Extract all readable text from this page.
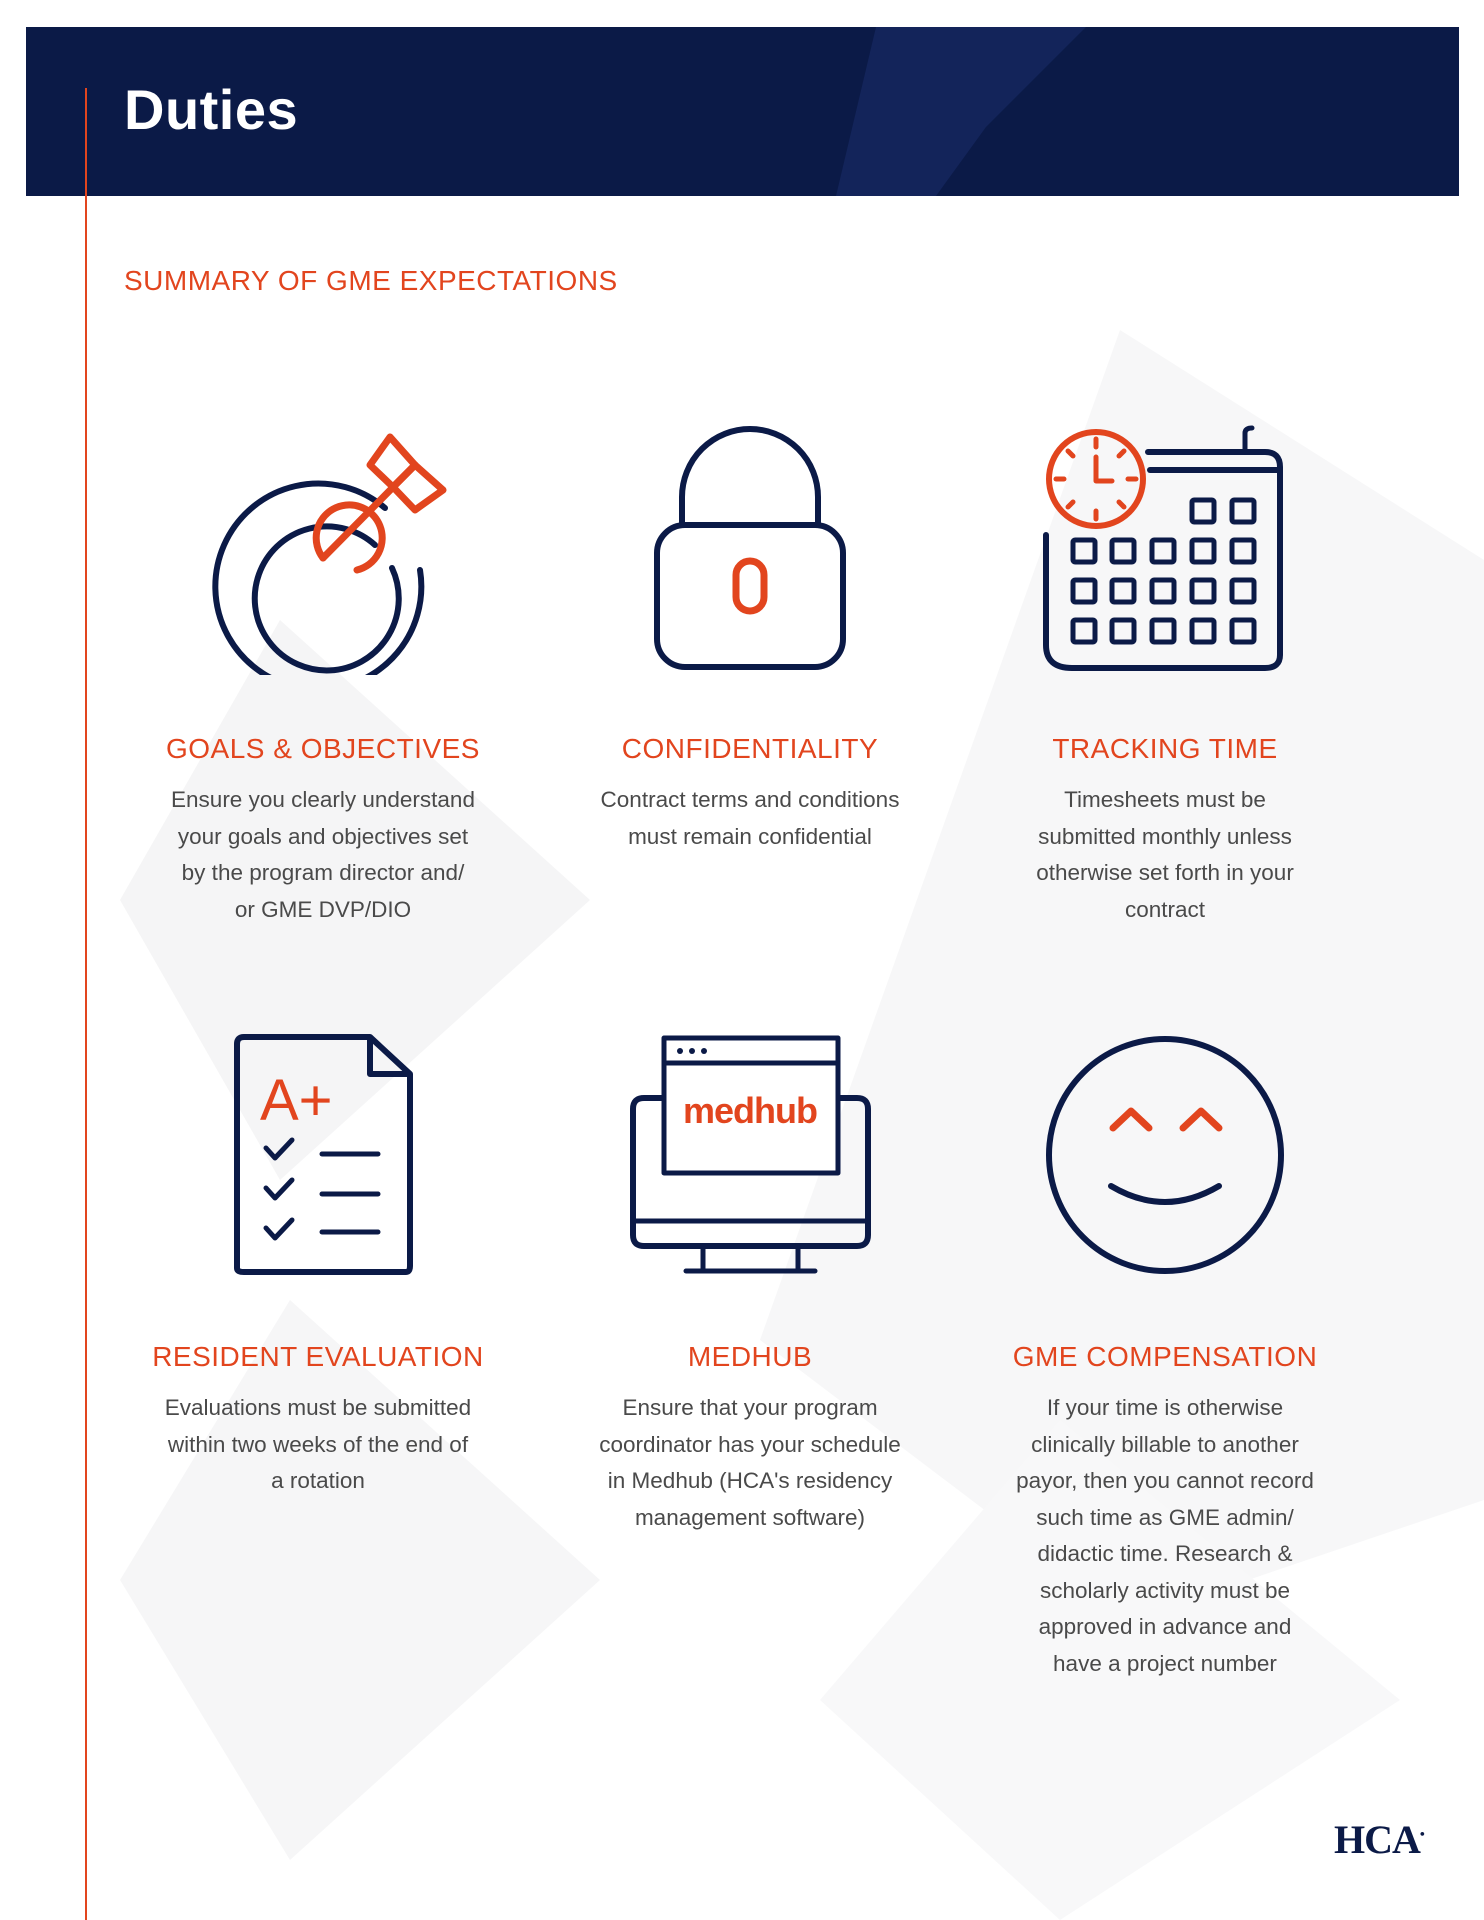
Duties
SUMMARY OF GME EXPECTATIONS
GOALS & OBJECTIVES
Ensure you clearly understand
your goals and objectives set
by the program director and/
or GME DVP/DIO
CONFIDENTIALITY
Contract terms and conditions
must remain confidential
TRACKING TIME
Timesheets must be
submitted monthly unless
otherwise set forth in your
contract
A+
RESIDENT EVALUATION
Evaluations must be submitted
within two weeks of the end of
a rotation
medhub
MEDHUB
Ensure that your program
coordinator has your schedule
in Medhub (HCA's residency
management software)
GME COMPENSATION
If your time is otherwise
clinically billable to another
payor, then you cannot record
such time as GME admin/
didactic time. Research &
scholarly activity must be
approved in advance and
have a project number
HCA•
